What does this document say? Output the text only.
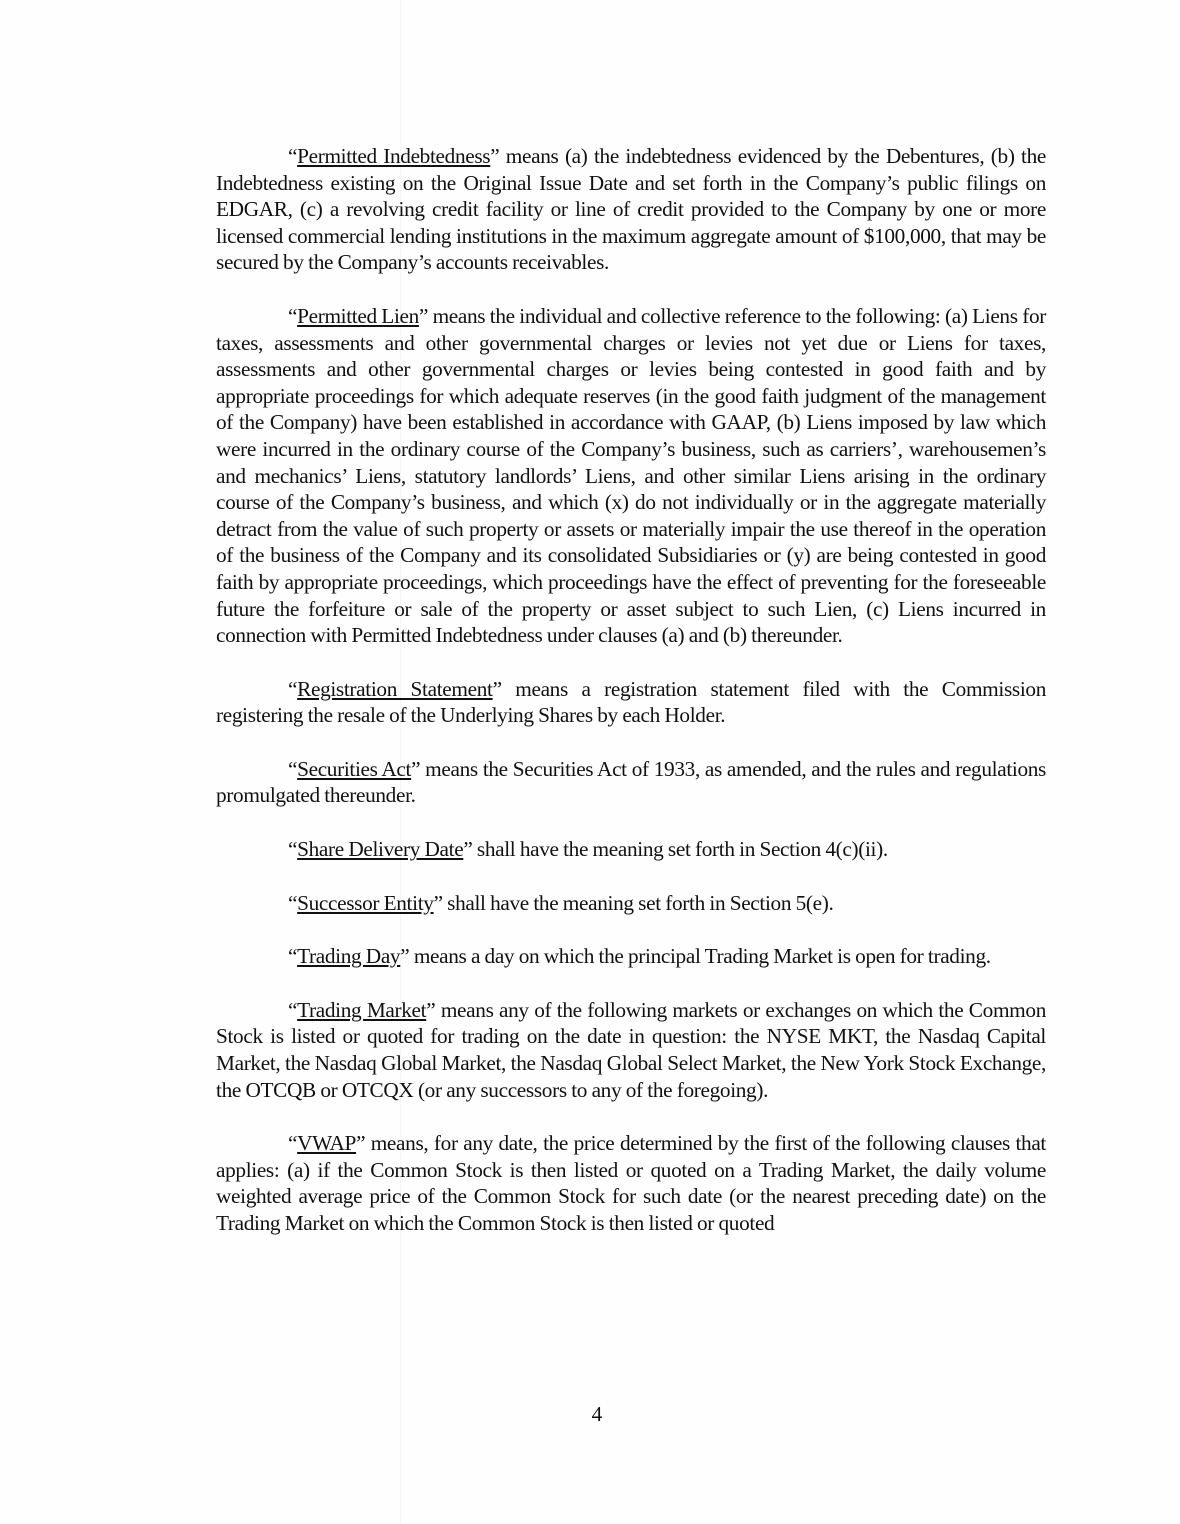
“Permitted Indebtedness” means (a) the indebtedness evidenced by the Debentures, (b) the Indebtedness existing on the Original Issue Date and set forth in the Company’s public filings on EDGAR, (c) a revolving credit facility or line of credit provided to the Company by one or more licensed commercial lending institutions in the maximum aggregate amount of $100,000, that may be secured by the Company’s accounts receivables.

“Permitted Lien” means the individual and collective reference to the following: (a) Liens for taxes, assessments and other governmental charges or levies not yet due or Liens for taxes, assessments and other governmental charges or levies being contested in good faith and by appropriate proceedings for which adequate reserves (in the good faith judgment of the management of the Company) have been established in accordance with GAAP, (b) Liens imposed by law which were incurred in the ordinary course of the Company’s business, such as carriers’, warehousemen’s and mechanics’ Liens, statutory landlords’ Liens, and other similar Liens arising in the ordinary course of the Company’s business, and which (x) do not individually or in the aggregate materially detract from the value of such property or assets or materially impair the use thereof in the operation of the business of the Company and its consolidated Subsidiaries or (y) are being contested in good faith by appropriate proceedings, which proceedings have the effect of preventing for the foreseeable future the forfeiture or sale of the property or asset subject to such Lien, (c) Liens incurred in connection with Permitted Indebtedness under clauses (a) and (b) thereunder.

“Registration Statement” means a registration statement filed with the Commission registering the resale of the Underlying Shares by each Holder.

“Securities Act” means the Securities Act of 1933, as amended, and the rules and regulations promulgated thereunder.

“Share Delivery Date” shall have the meaning set forth in Section 4(c)(ii).

“Successor Entity” shall have the meaning set forth in Section 5(e).

“Trading Day” means a day on which the principal Trading Market is open for trading.

“Trading Market” means any of the following markets or exchanges on which the Common Stock is listed or quoted for trading on the date in question: the NYSE MKT, the Nasdaq Capital Market, the Nasdaq Global Market, the Nasdaq Global Select Market, the New York Stock Exchange, the OTCQB or OTCQX (or any successors to any of the foregoing).

“VWAP” means, for any date, the price determined by the first of the following clauses that applies: (a) if the Common Stock is then listed or quoted on a Trading Market, the daily volume weighted average price of the Common Stock for such date (or the nearest preceding date) on the Trading Market on which the Common Stock is then listed or quoted

4
